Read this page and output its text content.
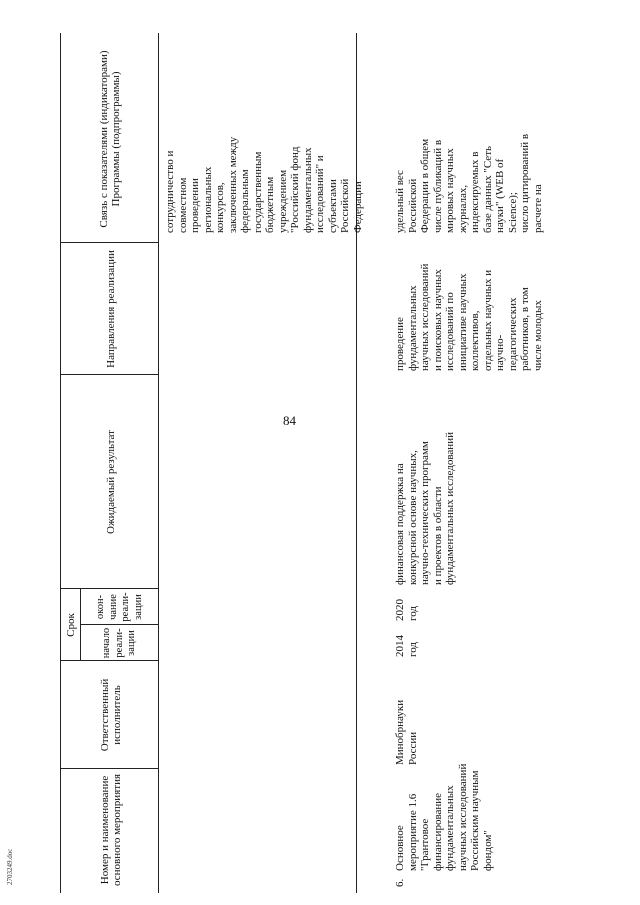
84
2703249.doc	Номер и наименование основного мероприятия
Ответственный исполнитель
Срок
начало реали-зации
окон-чание реали-зации
Ожидаемый результат
Направления реализации
Связь с показателями (индикаторами) Программы (подпрограммы)	сотрудничество и
совместном
проведении
региональных
конкурсов,
заключенных между
федеральным
государственным
бюджетным
учреждением
"Российский фонд
фундаментальных
исследований" и
субъектами
Российской
Федерации
6.
Основное
мероприятие 1.6
"Грантовое
финансирование
фундаментальных
научных исследований
Российским научным
фондом"
Минобрнауки
России
2014
год
2020
год
финансовая поддержка на
конкурсной основе научных,
научно-технических программ
и проектов в области
фундаментальных исследований
проведение
фундаментальных
научных исследований
и поисковых научных
исследований по
инициативе научных
коллективов,
отдельных научных и
научно-
педагогических
работников, в том
числе молодых
удельный вес
Российской
Федерации в общем
числе публикаций в
мировых научных
журналах,
индексируемых в
базе данных "Сеть
науки" (WEB of
Science);
число цитирований в
расчете на
